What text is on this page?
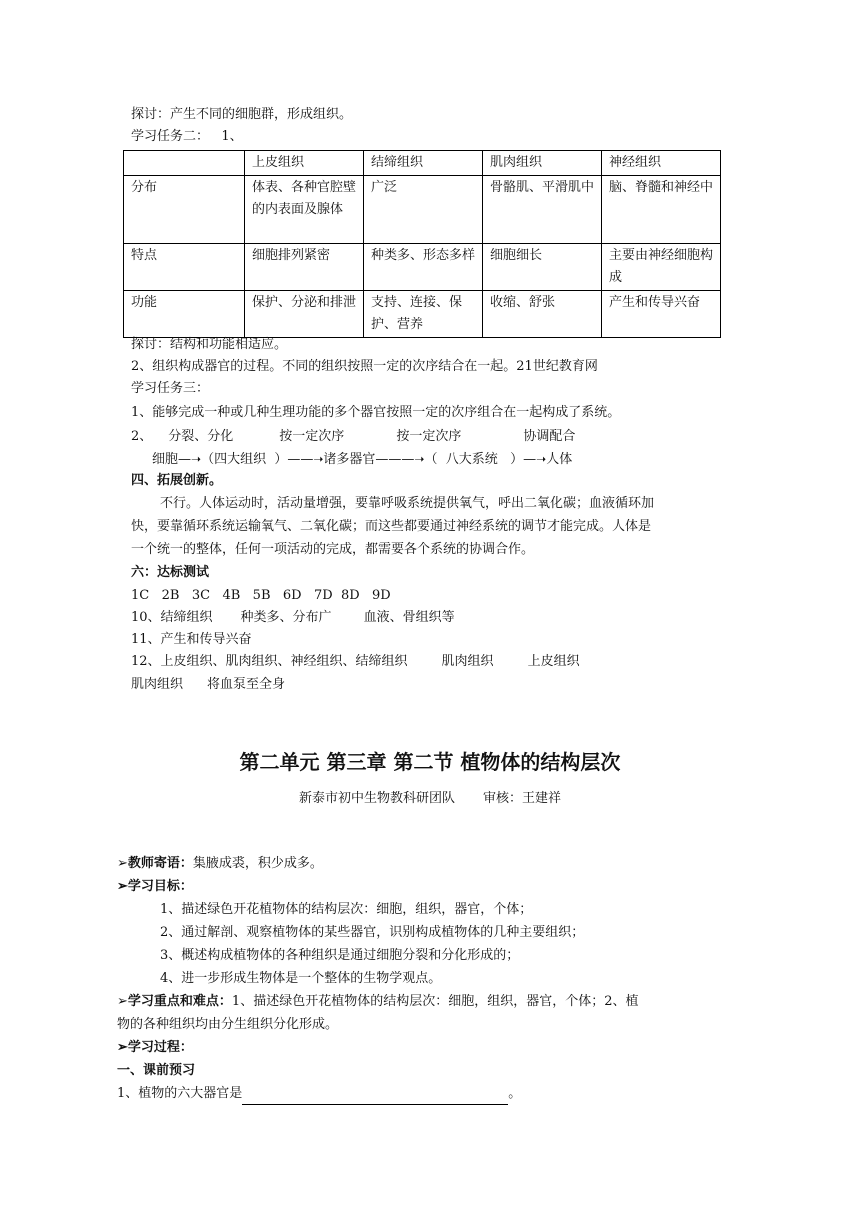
探讨：产生不同的细胞群，形成组织。
学习任务二：   1、
	上皮组织	结缔组织	肌肉组织	神经组织
分布	体表、各种官腔壁的内表面及腺体	广泛	骨骼肌、平滑肌中	脑、脊髓和神经中
特点	细胞排列紧密	种类多、形态多样	细胞细长	主要由神经细胞构成
功能	保护、分泌和排泄	支持、连接、保护、营养	收缩、舒张	产生和传导兴奋
探讨：结构和功能相适应。
2、组织构成器官的过程。不同的组织按照一定的次序结合在一起。21世纪教育网
学习任务三：
1、能够完成一种或几种生理功能的多个器官按照一定的次序组合在一起构成了系统。
2、 分裂、分化	按一定次序	按一定次序	协调配合
细胞—➝（四大组织  ）——➝诸多器官———➝（  八大系统   ）—➝人体
四、拓展创新。
不行。人体运动时，活动量增强，要靠呼吸系统提供氧气，呼出二氧化碳；血液循环加
快，要靠循环系统运输氧气、二氧化碳；而这些都要通过神经系统的调节才能完成。人体是
一个统一的整体，任何一项活动的完成，都需要各个系统的协调合作。
六：达标测试
1C   2B   3C   4B   5B   6D   7D  8D   9D
10、结缔组织 种类多、分布广 血液、骨组织等
11、产生和传导兴奋
12、上皮组织、肌肉组织、神经组织、结缔组织	肌肉组织	上皮组织
肌肉组织 将血泵至全身
第二单元 第三章 第二节 植物体的结构层次
新泰市初中生物教科研团队 审核：王建祥
➢教师寄语：集腋成裘，积少成多。
➢学习目标：
1、描述绿色开花植物体的结构层次：细胞，组织，器官，个体；
2、通过解剖、观察植物体的某些器官，识别构成植物体的几种主要组织；
3、概述构成植物体的各种组织是通过细胞分裂和分化形成的；
4、进一步形成生物体是一个整体的生物学观点。
➢学习重点和难点：1、描述绿色开花植物体的结构层次：细胞，组织，器官，个体；2、植
物的各种组织均由分生组织分化形成。
➢学习过程：
一、课前预习
1、植物的六大器官是	。
